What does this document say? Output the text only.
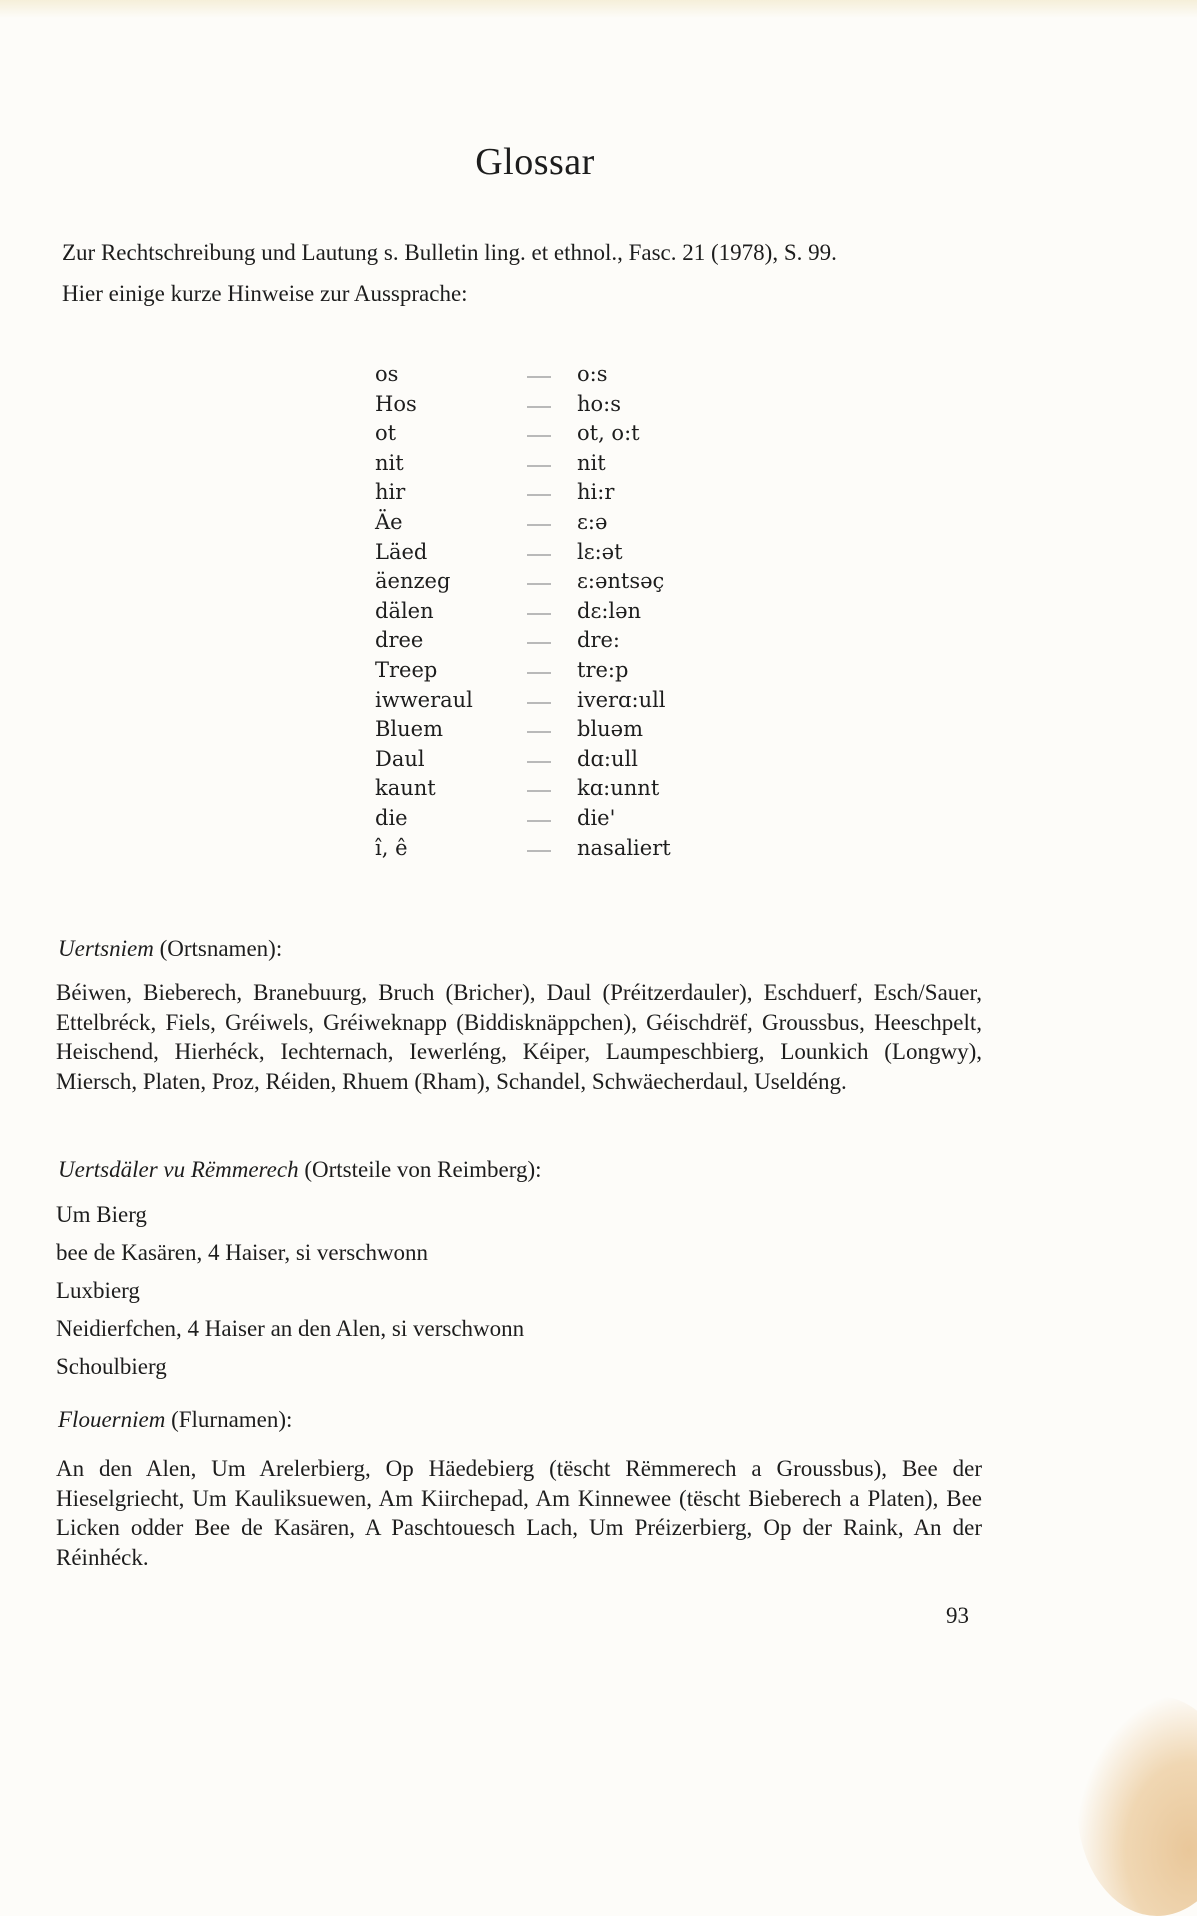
Glossar
Zur Rechtschreibung und Lautung s. Bulletin ling. et ethnol., Fasc. 21 (1978), S. 99.
Hier einige kurze Hinweise zur Aussprache:
os	o:s
Hos	ho:s
ot	ot, o:t
nit	nit
hir	hi:r
Äe	ɛ:ə
Läed	lɛ:ət
äenzeg	ɛ:əntsəç
dälen	dɛ:lən
dree	dre:
Treep	tre:p
iwweraul	iverɑ:ull
Bluem	bluəm
Daul	dɑ:ull
kaunt	kɑ:unnt
die	die'
î, ê	nasaliert
Uertsniem (Ortsnamen):
Béiwen, Bieberech, Branebuurg, Bruch (Bricher), Daul (Préitzerdauler), Eschduerf, Esch/Sauer, Ettelbréck, Fiels, Gréiwels, Gréiweknapp (Biddisknäppchen), Géischdrëf, Groussbus, Heeschpelt, Heischend, Hierhéck, Iechternach, Iewerléng, Kéiper, Laumpeschbierg, Lounkich (Longwy), Miersch, Platen, Proz, Réiden, Rhuem (Rham), Schandel, Schwäecherdaul, Useldéng.
Uertsdäler vu Rëmmerech (Ortsteile von Reimberg):
Um Bierg
bee de Kasären, 4 Haiser, si verschwonn
Luxbierg
Neidierfchen, 4 Haiser an den Alen, si verschwonn
Schoulbierg
Flouerniem (Flurnamen):
An den Alen, Um Arelerbierg, Op Häedebierg (tëscht Rëmmerech a Groussbus), Bee der Hieselgriecht, Um Kauliksuewen, Am Kiirchepad, Am Kinnewee (tëscht Bieberech a Platen), Bee Licken odder Bee de Kasären, A Paschtouesch Lach, Um Préizerbierg, Op der Raink, An der Réinhéck.
93
